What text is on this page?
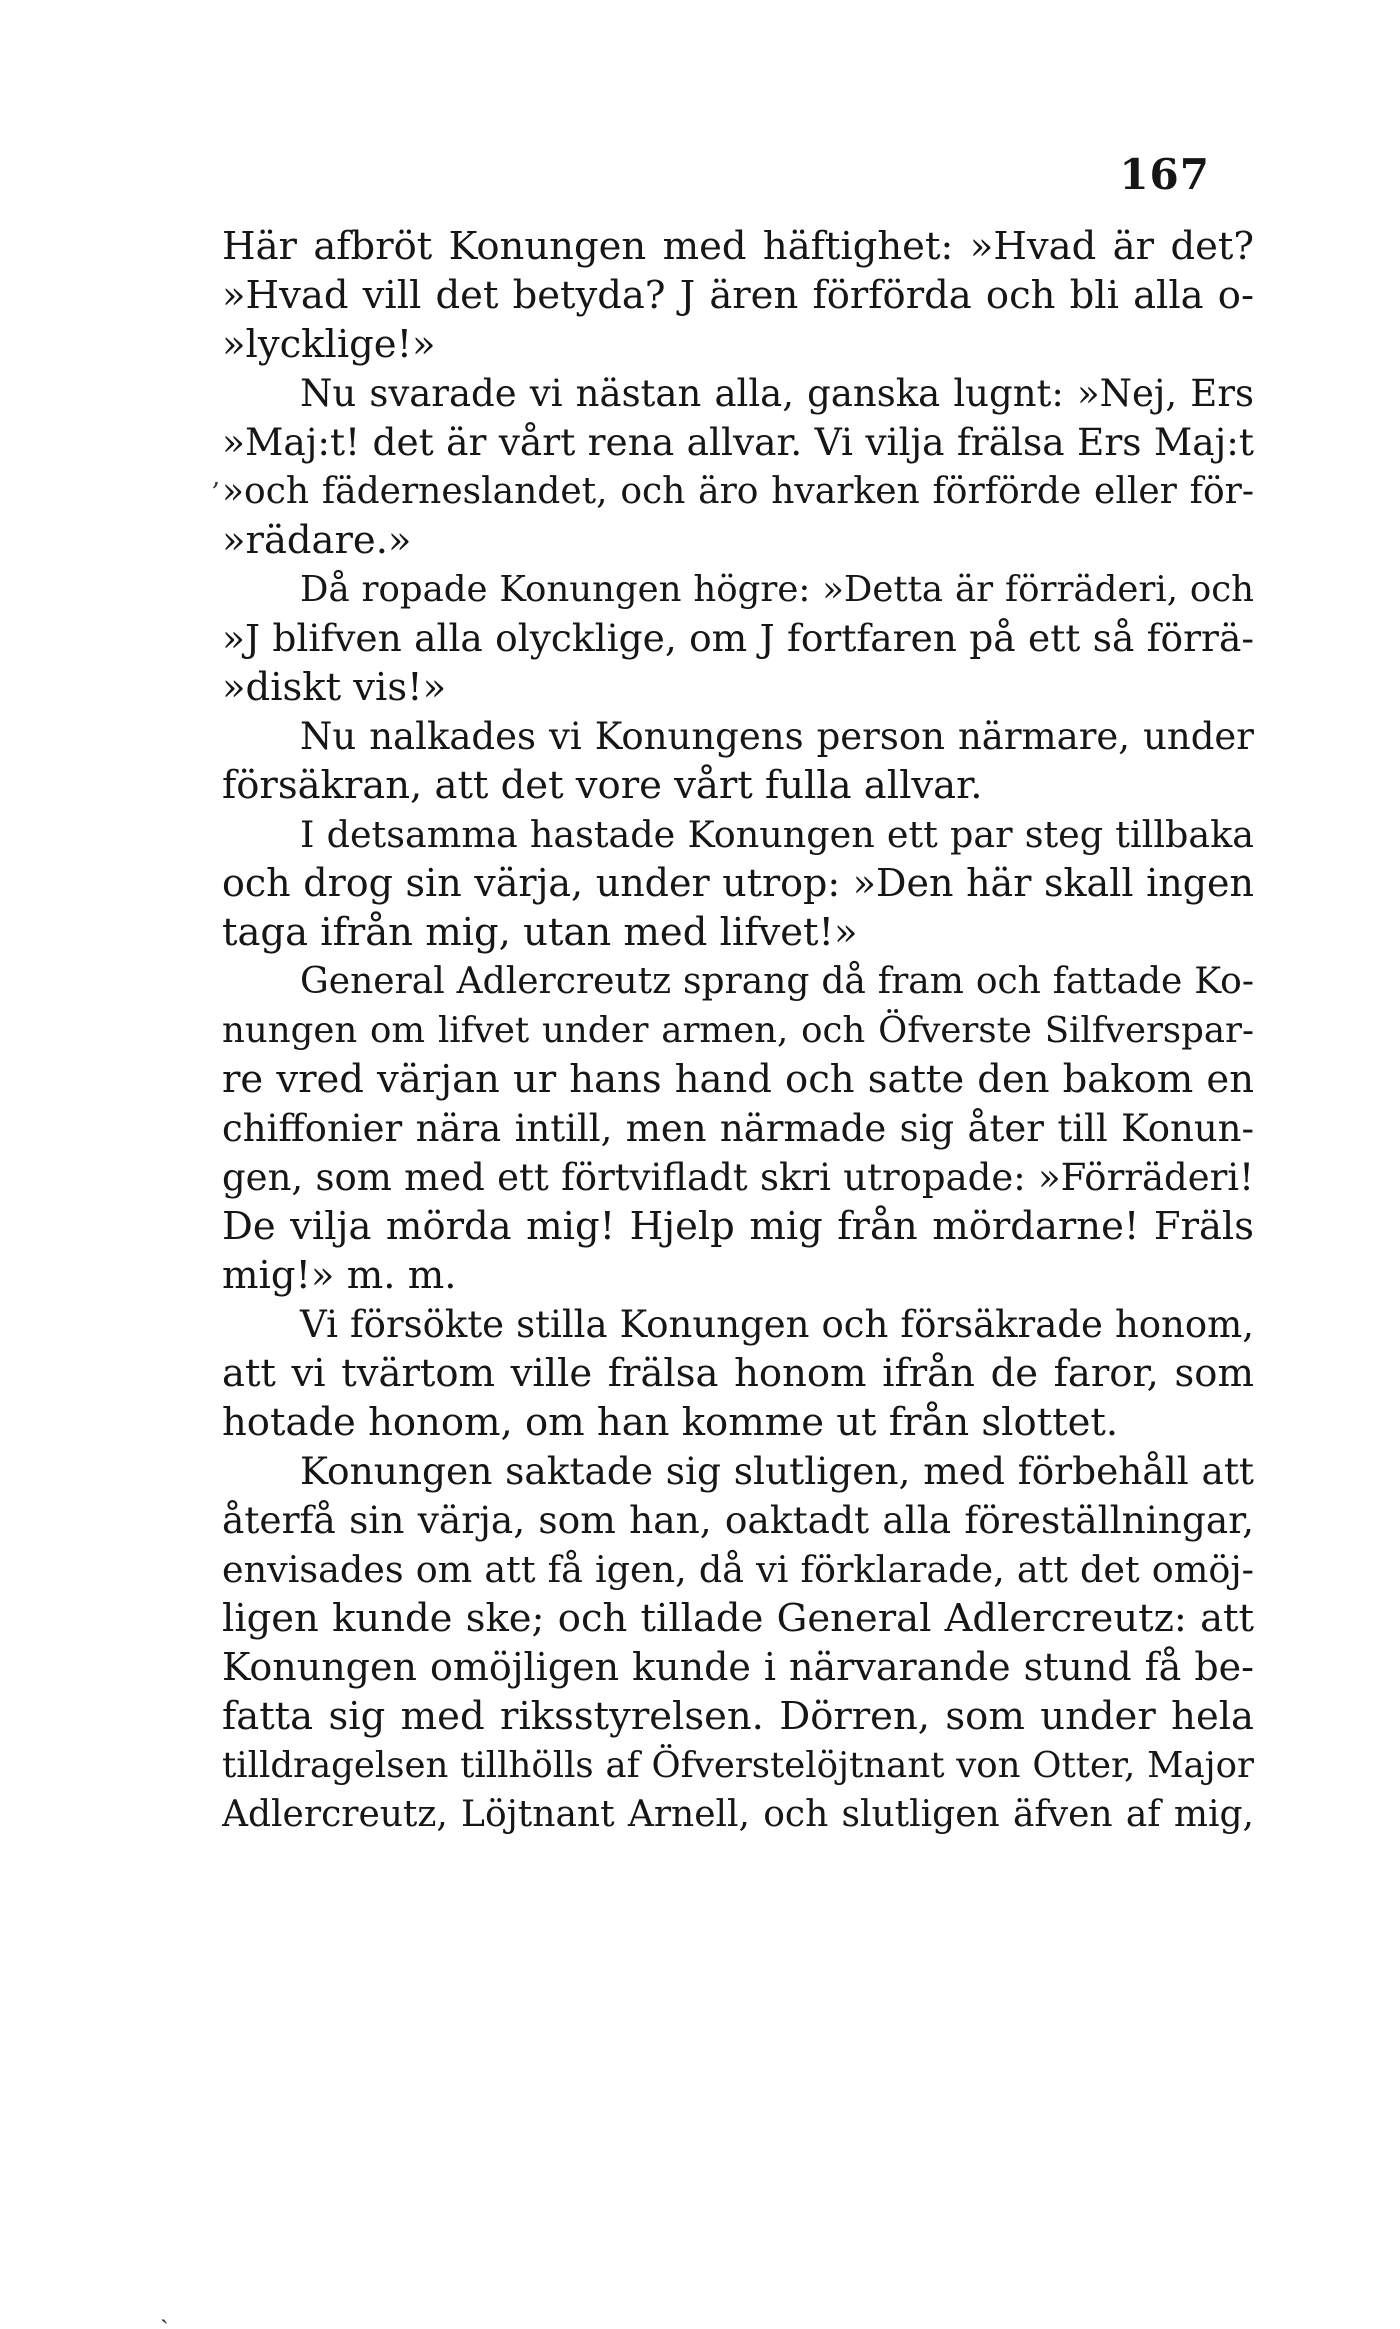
167
Här afbröt Konungen med häftighet: »Hvad är det?
»Hvad vill det betyda? J ären förförda och bli alla o-
»lycklige!»
Nu svarade vi nästan alla, ganska lugnt: »Nej, Ers
»Maj:t! det är vårt rena allvar. Vi vilja frälsa Ers Maj:t
»och fäderneslandet, och äro hvarken förförde eller för-
»rädare.»
Då ropade Konungen högre: »Detta är förräderi, och
»J blifven alla olycklige, om J fortfaren på ett så förrä-
»diskt vis!»
Nu nalkades vi Konungens person närmare, under
försäkran, att det vore vårt fulla allvar.
I detsamma hastade Konungen ett par steg tillbaka
och drog sin värja, under utrop: »Den här skall ingen
taga ifrån mig, utan med lifvet!»
General Adlercreutz sprang då fram och fattade Ko-
nungen om lifvet under armen, och Öfverste Silfverspar-
re vred värjan ur hans hand och satte den bakom en
chiffonier nära intill, men närmade sig åter till Konun-
gen, som med ett förtvifladt skri utropade: »Förräderi!
De vilja mörda mig! Hjelp mig från mördarne! Fräls
mig!» m. m.
Vi försökte stilla Konungen och försäkrade honom,
att vi tvärtom ville frälsa honom ifrån de faror, som
hotade honom, om han komme ut från slottet.
Konungen saktade sig slutligen, med förbehåll att
återfå sin värja, som han, oaktadt alla föreställningar,
envisades om att få igen, då vi förklarade, att det omöj-
ligen kunde ske; och tillade General Adlercreutz: att
Konungen omöjligen kunde i närvarande stund få be-
fatta sig med riksstyrelsen. Dörren, som under hela
tilldragelsen tillhölls af Öfverstelöjtnant von Otter, Major
Adlercreutz, Löjtnant Arnell, och slutligen äfven af mig,
,
ˏ
